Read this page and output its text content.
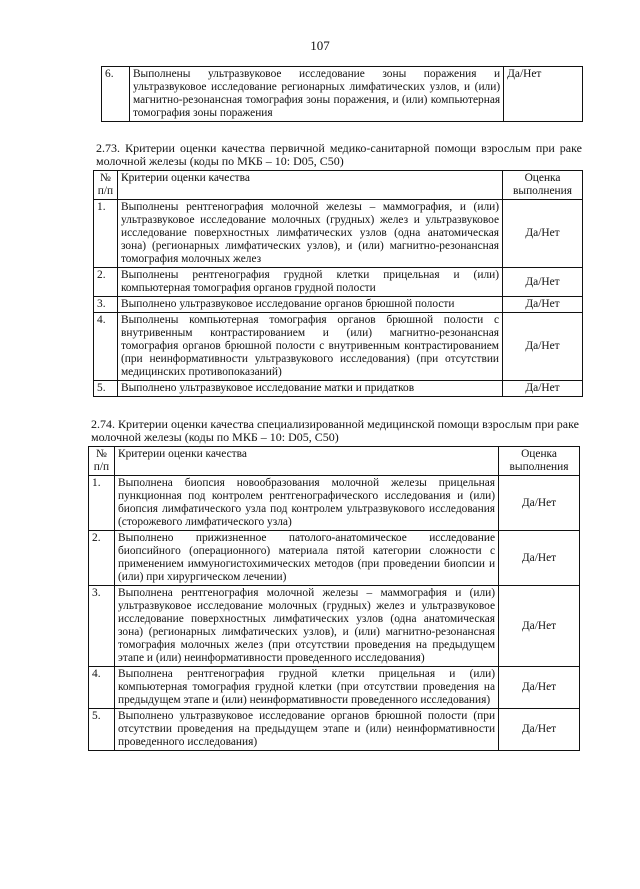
107
6.	Выполнены ультразвуковое исследование зоны поражения и ультразвуковое исследование регионарных лимфатических узлов, и (или) магнитно-резонансная томография зоны поражения, и (или) компьютерная томография зоны поражения	Да/Нет
2.73. Критерии оценки качества первичной медико-санитарной помощи взрослым при раке молочной железы (коды по МКБ – 10: D05, C50)
№ п/п	Критерии оценки качества	Оценка выполнения
1.	Выполнены рентгенография молочной железы – маммография, и (или) ультразвуковое исследование молочных (грудных) желез и ультразвуковое исследование поверхностных лимфатических узлов (одна анатомическая зона) (регионарных лимфатических узлов), и (или) магнитно-резонансная томография молочных желез	Да/Нет
2.	Выполнены рентгенография грудной клетки прицельная и (или) компьютерная томография органов грудной полости	Да/Нет
3.	Выполнено ультразвуковое исследование органов брюшной полости	Да/Нет
4.	Выполнены компьютерная томография органов брюшной полости с внутривенным контрастированием и (или) магнитно-резонансная томография органов брюшной полости с внутривенным контрастированием (при неинформативности ультразвукового исследования) (при отсутствии медицинских противопоказаний)	Да/Нет
5.	Выполнено ультразвуковое исследование матки и придатков	Да/Нет
2.74. Критерии оценки качества специализированной медицинской помощи взрослым при раке молочной железы (коды по МКБ – 10: D05, C50)
№ п/п	Критерии оценки качества	Оценка выполнения
1.	Выполнена биопсия новообразования молочной железы прицельная пункционная под контролем рентгенографического исследования и (или) биопсия лимфатического узла под контролем ультразвукового исследования (сторожевого лимфатического узла)	Да/Нет
2.	Выполнено прижизненное патолого-анатомическое исследование биопсийного (операционного) материала пятой категории сложности с применением иммуногистохимических методов (при проведении биопсии и (или) при хирургическом лечении)	Да/Нет
3.	Выполнена рентгенография молочной железы – маммография и (или) ультразвуковое исследование молочных (грудных) желез и ультразвуковое исследование поверхностных лимфатических узлов (одна анатомическая зона) (регионарных лимфатических узлов), и (или) магнитно-резонансная томография молочных желез (при отсутствии проведения на предыдущем этапе и (или) неинформативности проведенного исследования)	Да/Нет
4.	Выполнена рентгенография грудной клетки прицельная и (или) компьютерная томография грудной клетки (при отсутствии проведения на предыдущем этапе и (или) неинформативности проведенного исследования)	Да/Нет
5.	Выполнено ультразвуковое исследование органов брюшной полости (при отсутствии проведения на предыдущем этапе и (или) неинформативности проведенного исследования)	Да/Нет
